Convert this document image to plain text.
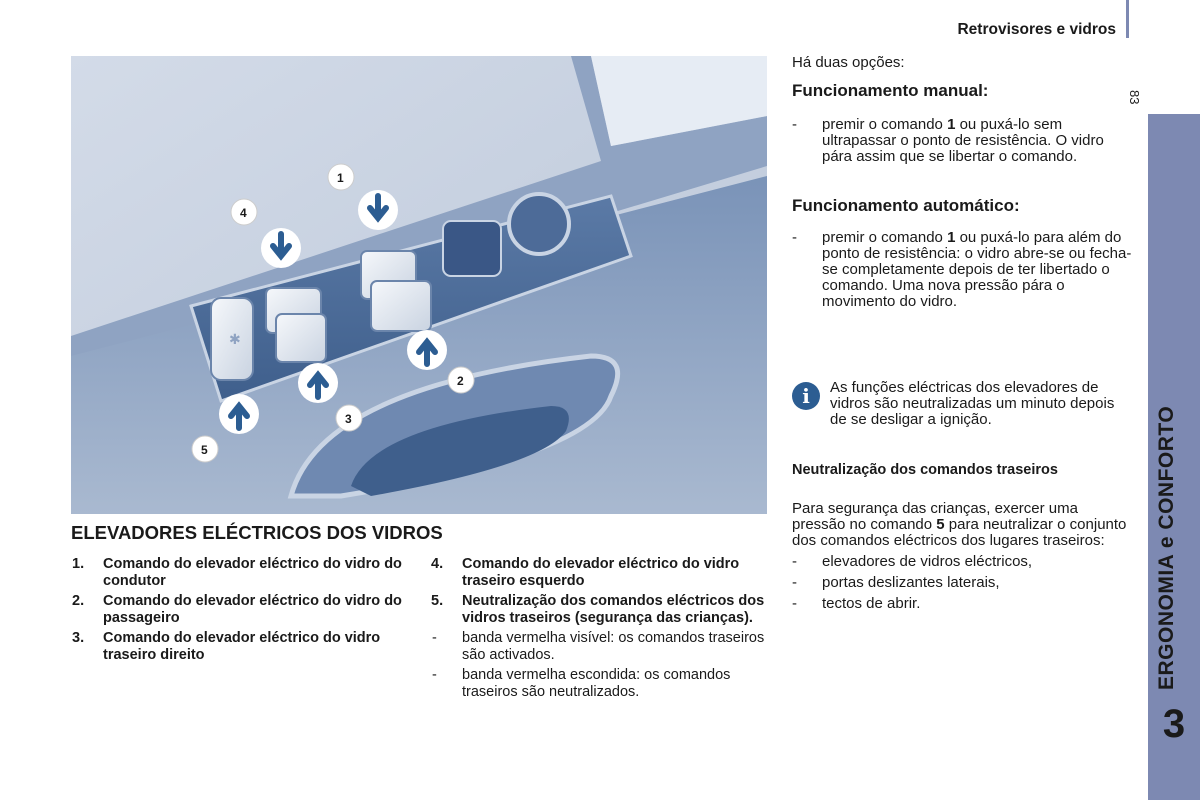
Retrovisores e vidros
83
ERGONOMIA e CONFORTO
3
✱
1
2
3
4
5
ELEVADORES ELÉCTRICOS DOS VIDROS
1. Comando do elevador eléctrico do vidro do condutor
2. Comando do elevador eléctrico do vidro do passageiro
3. Comando do elevador eléctrico do vidro traseiro direito
4. Comando do elevador eléctrico do vidro traseiro esquerdo
5. Neutralização dos comandos eléctricos dos vidros traseiros (segurança das crianças).
- banda vermelha visível: os comandos traseiros são activados.
- banda vermelha escondida: os comandos traseiros são neutralizados.
Há duas opções:
Funcionamento manual:
- premir o comando 1 ou puxá-lo sem ultrapassar o ponto de resistência. O vidro pára assim que se libertar o comando.
Funcionamento automático:
- premir o comando 1 ou puxá-lo para além do ponto de resistência: o vidro abre-se ou fecha-se completamente depois de ter libertado o comando. Uma nova pressão pára o movimento do vidro.
i	As funções eléctricas dos elevadores de vidros são neutralizadas um minuto depois de se desligar a ignição.
Neutralização dos comandos traseiros
Para segurança das crianças, exercer uma pressão no comando 5 para neutralizar o conjunto dos comandos eléctricos dos lugares traseiros:
- elevadores de vidros eléctricos,
- portas deslizantes laterais,
- tectos de abrir.
